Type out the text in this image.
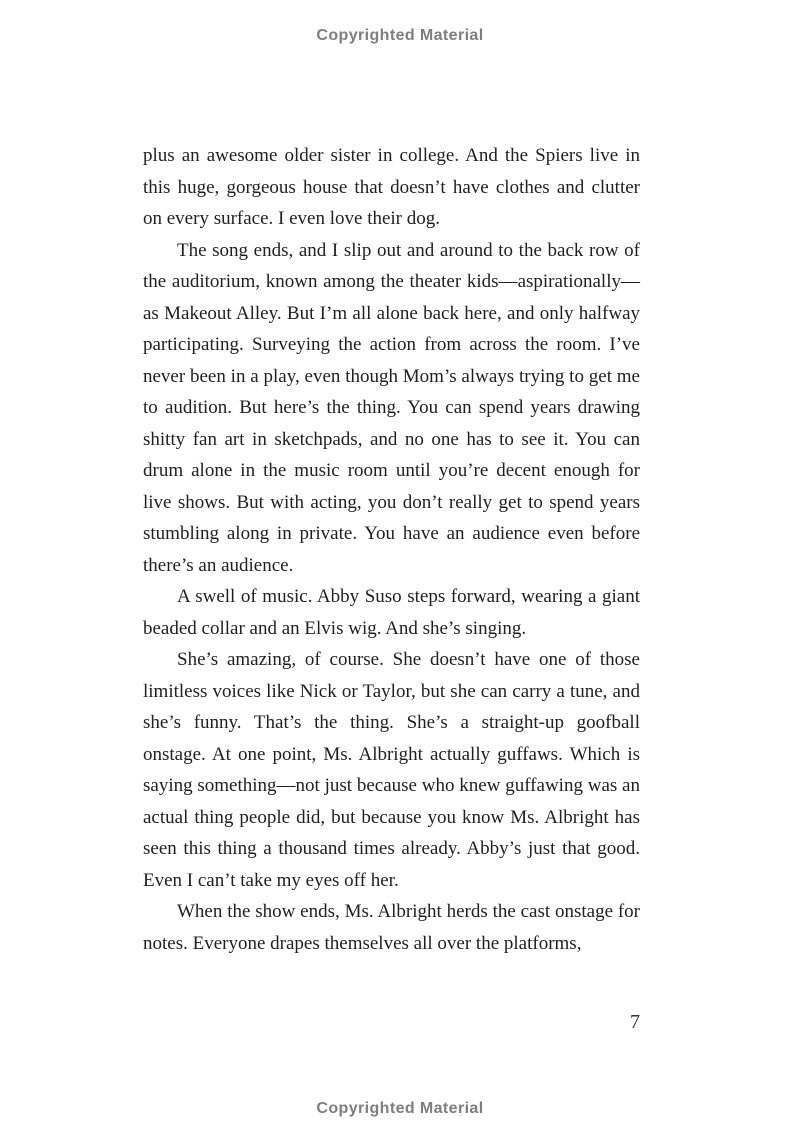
Copyrighted Material

plus an awesome older sister in college. And the Spiers live in this huge, gorgeous house that doesn’t have clothes and clutter on every surface. I even love their dog.

The song ends, and I slip out and around to the back row of the auditorium, known among the theater kids—aspirationally—as Makeout Alley. But I’m all alone back here, and only halfway participating. Surveying the action from across the room. I’ve never been in a play, even though Mom’s always trying to get me to audition. But here’s the thing. You can spend years drawing shitty fan art in sketchpads, and no one has to see it. You can drum alone in the music room until you’re decent enough for live shows. But with acting, you don’t really get to spend years stumbling along in private. You have an audience even before there’s an audience.

A swell of music. Abby Suso steps forward, wearing a giant beaded collar and an Elvis wig. And she’s singing.

She’s amazing, of course. She doesn’t have one of those limitless voices like Nick or Taylor, but she can carry a tune, and she’s funny. That’s the thing. She’s a straight-up goofball onstage. At one point, Ms. Albright actually guffaws. Which is saying something—not just because who knew guffawing was an actual thing people did, but because you know Ms. Albright has seen this thing a thousand times already. Abby’s just that good. Even I can’t take my eyes off her.

When the show ends, Ms. Albright herds the cast onstage for notes. Everyone drapes themselves all over the platforms,

7
Copyrighted Material
